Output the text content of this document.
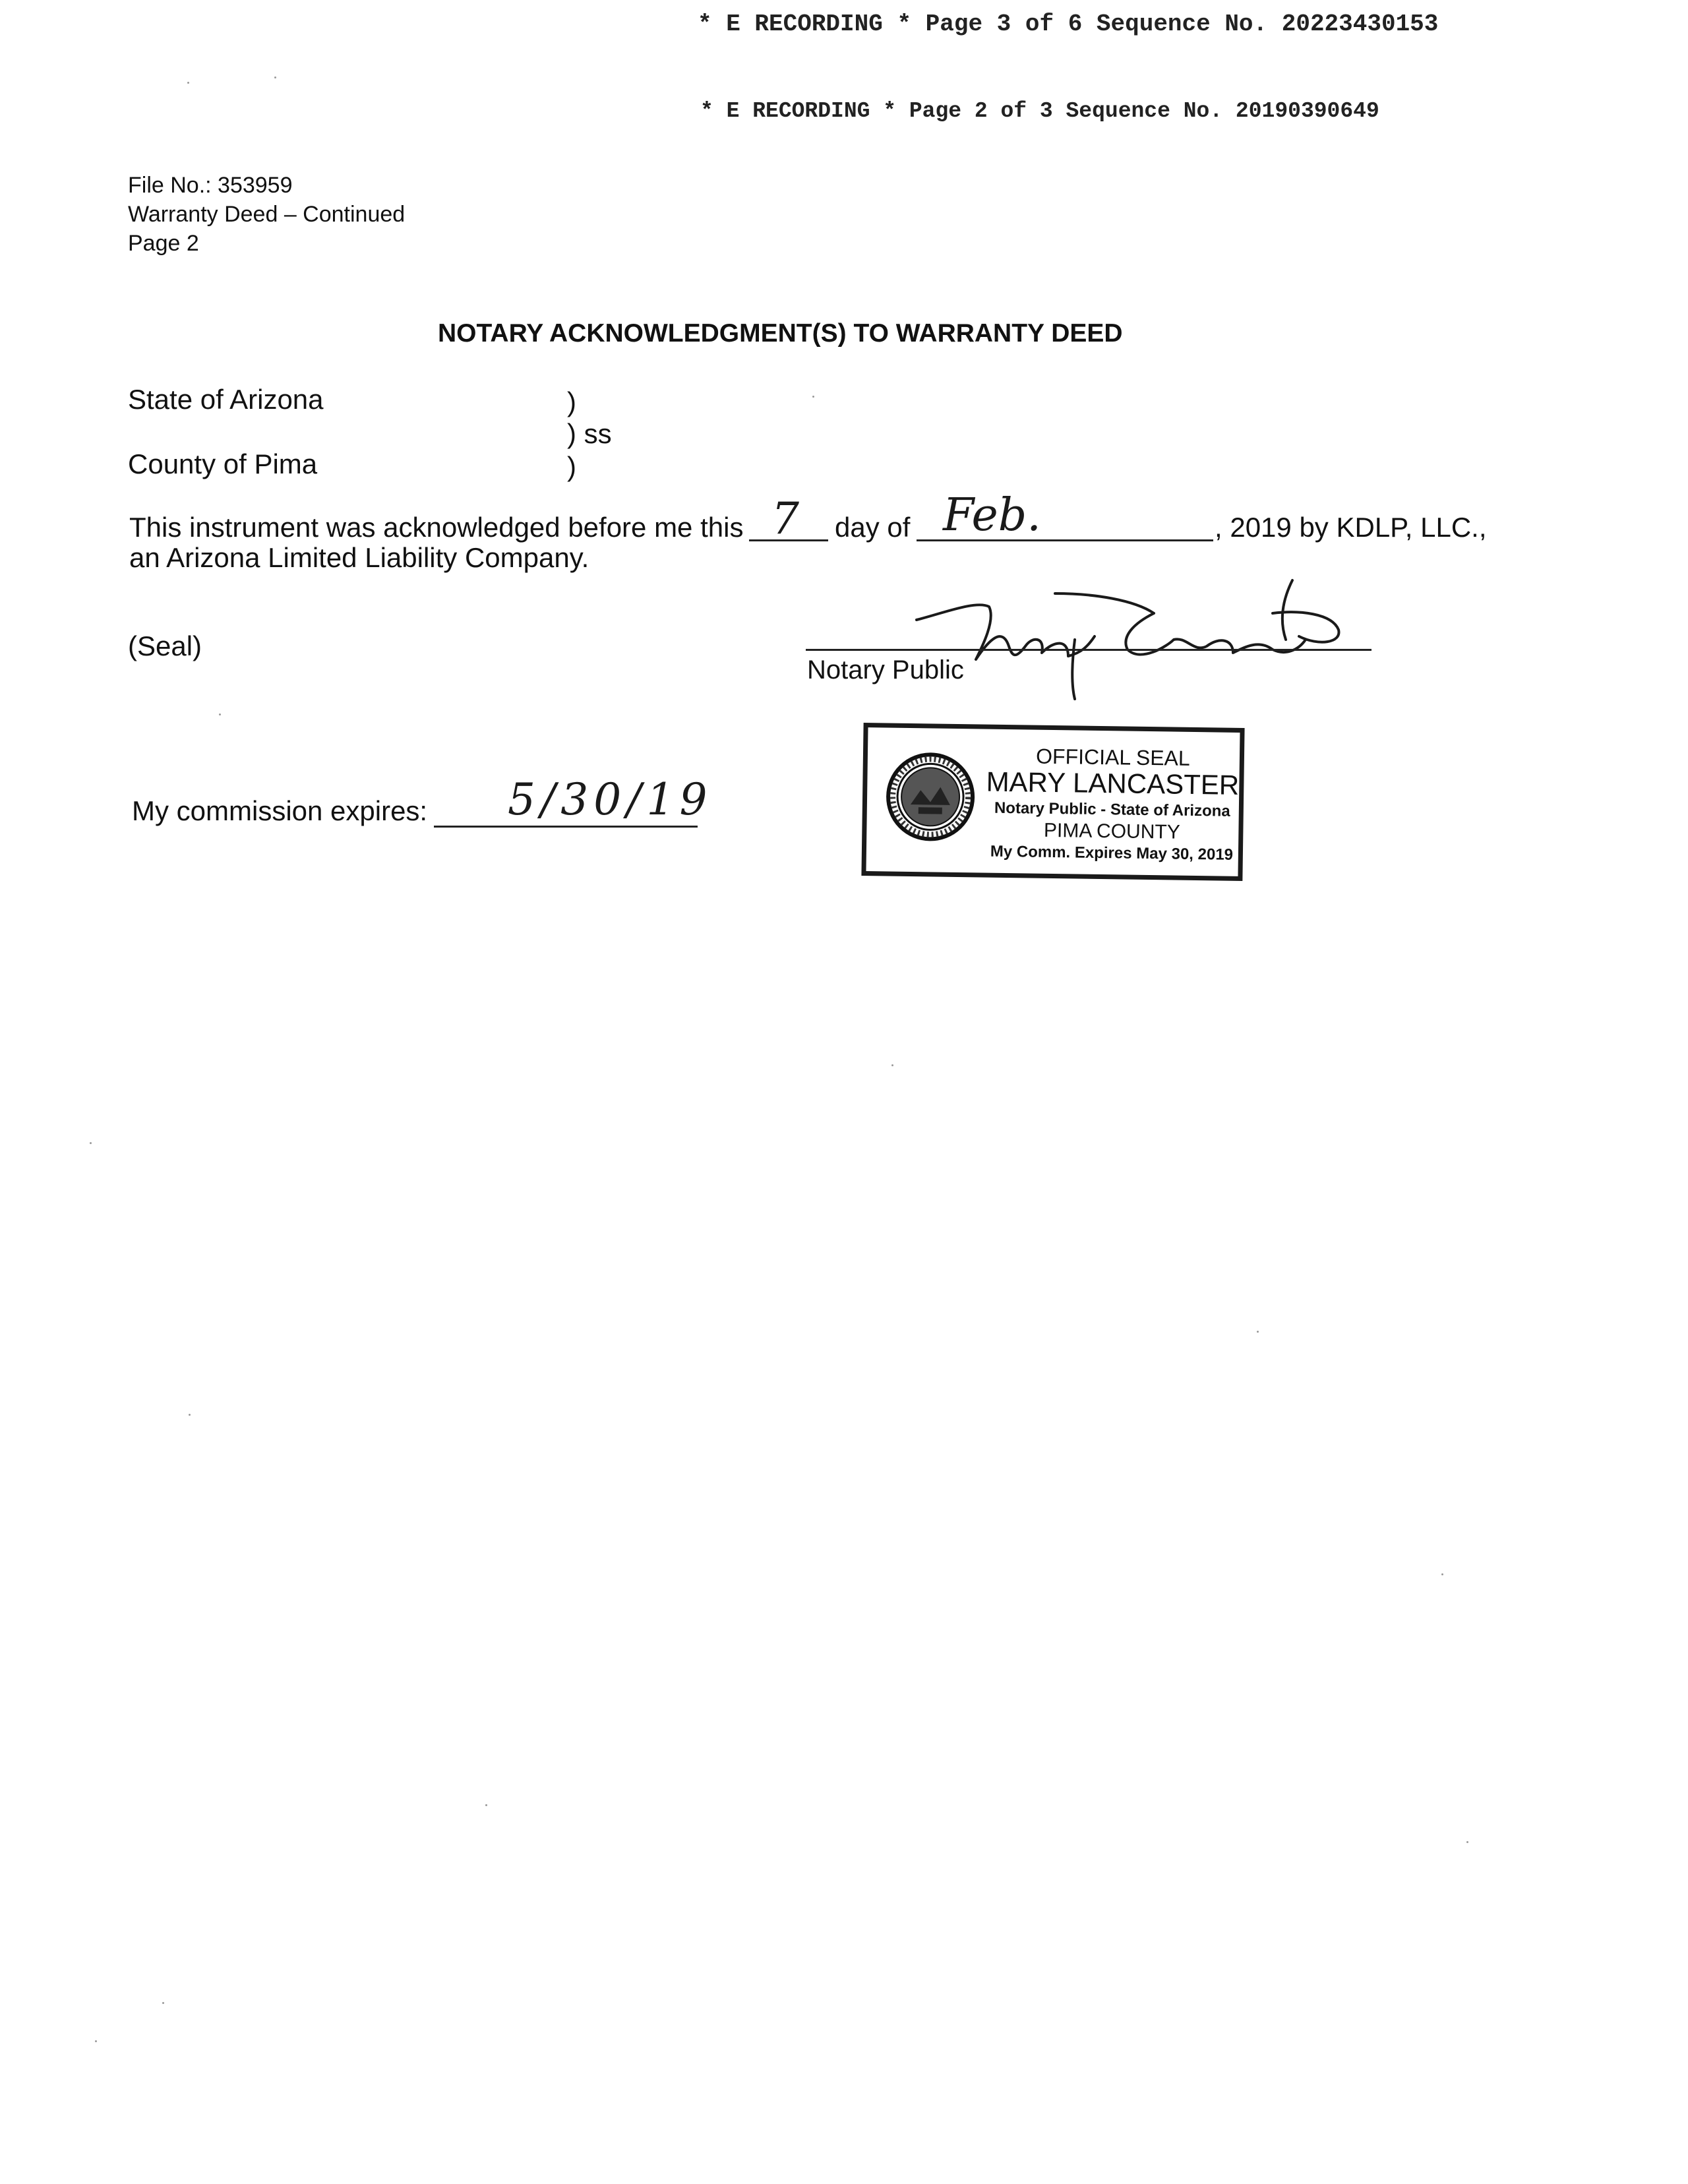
* E RECORDING * Page 3 of 6 Sequence No. 20223430153
* E RECORDING * Page 2 of 3 Sequence No. 20190390649
File No.: 353959
Warranty Deed – Continued
Page 2
NOTARY ACKNOWLEDGMENT(S) TO WARRANTY DEED
State of Arizona	)
) ss
)
County of Pima
This instrument was acknowledged before me this 7 day of Feb.	, 2019 by KDLP, LLC.,
an Arizona Limited Liability Company.
(Seal)
Notary Public
My commission expires: 5/30/19
OFFICIAL SEAL
MARY LANCASTER
Notary Public - State of Arizona
PIMA COUNTY
My Comm. Expires May 30, 2019
